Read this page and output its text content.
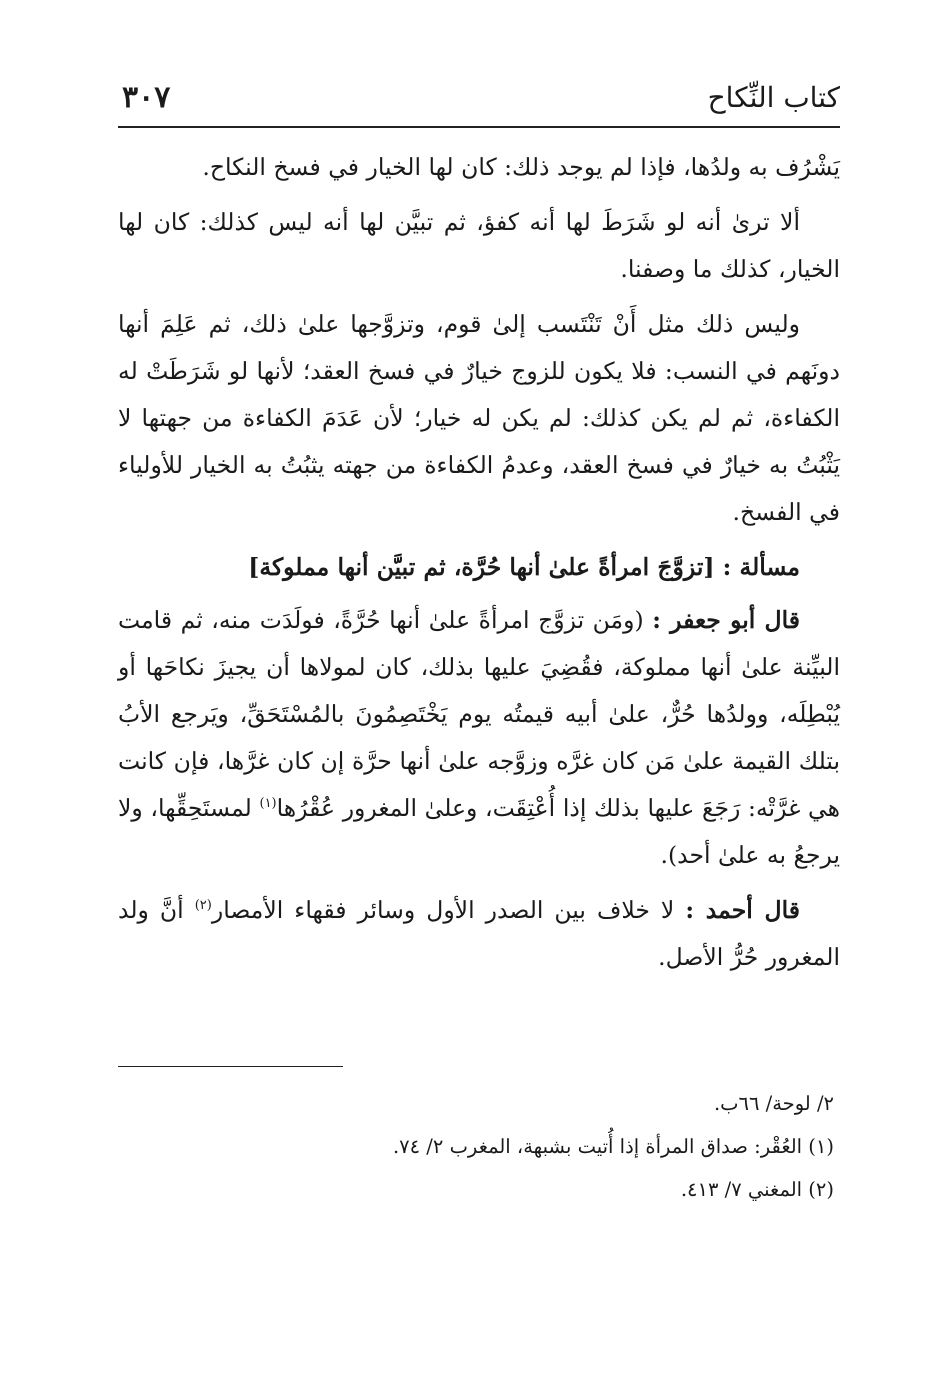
كتاب النِّكاح
٣٠٧

يَشْرُف به ولدُها، فإذا لم يوجد ذلك: كان لها الخيار في فسخ النكاح.

ألا ترىٰ أنه لو شَرَطَ لها أنه كفؤ، ثم تبيَّن لها أنه ليس كذلك: كان لها الخيار، كذلك ما وصفنا.

وليس ذلك مثل أَنْ تَنْتَسب إلىٰ قوم، وتزوَّجها علىٰ ذلك، ثم عَلِمَ أنها دونَهم في النسب: فلا يكون للزوج خيارٌ في فسخ العقد؛ لأنها لو شَرَطَتْ له الكفاءة، ثم لم يكن كذلك: لم يكن له خيار؛ لأن عَدَمَ الكفاءة من جهتها لا يَثْبُتُ به خيارٌ في فسخ العقد، وعدمُ الكفاءة من جهته يثبُتُ به الخيار للأولياء في الفسخ.

مسألة : [تزوَّجَ امرأةً علىٰ أنها حُرَّة، ثم تبيَّن أنها مملوكة]

قال أبو جعفر : (ومَن تزوَّج امرأةً علىٰ أنها حُرَّةً، فولَدَت منه، ثم قامت البيِّنة علىٰ أنها مملوكة، فقُضِيَ عليها بذلك، كان لمولاها أن يجيزَ نكاحَها أو يُبْطِلَه، وولدُها حُرٌّ، علىٰ أبيه قيمتُه يوم يَخْتَصِمُونَ بالمُسْتَحَقِّ، ويَرجع الأبُ بتلك القيمة علىٰ مَن كان غرَّه وزوَّجه علىٰ أنها حرَّة إن كان غرَّها، فإن كانت هي غرَّتْه: رَجَعَ عليها بذلك إذا أُعْتِقَت، وعلىٰ المغرور عُقْرُها$^{(١)}$ لمستَحِقِّها، ولا يرجعُ به علىٰ أحد).

قال أحمد : لا خلاف بين الصدر الأول وسائر فقهاء الأمصار$^{(٢)}$ أنَّ ولد المغرور حُرُّ الأصل.

٢/ لوحة/ ٦٦ب.
(١) العُقْر: صداق المرأة إذا أُتيت بشبهة، المغرب ٢/ ٧٤.
(٢) المغني ٧/ ٤١٣.
